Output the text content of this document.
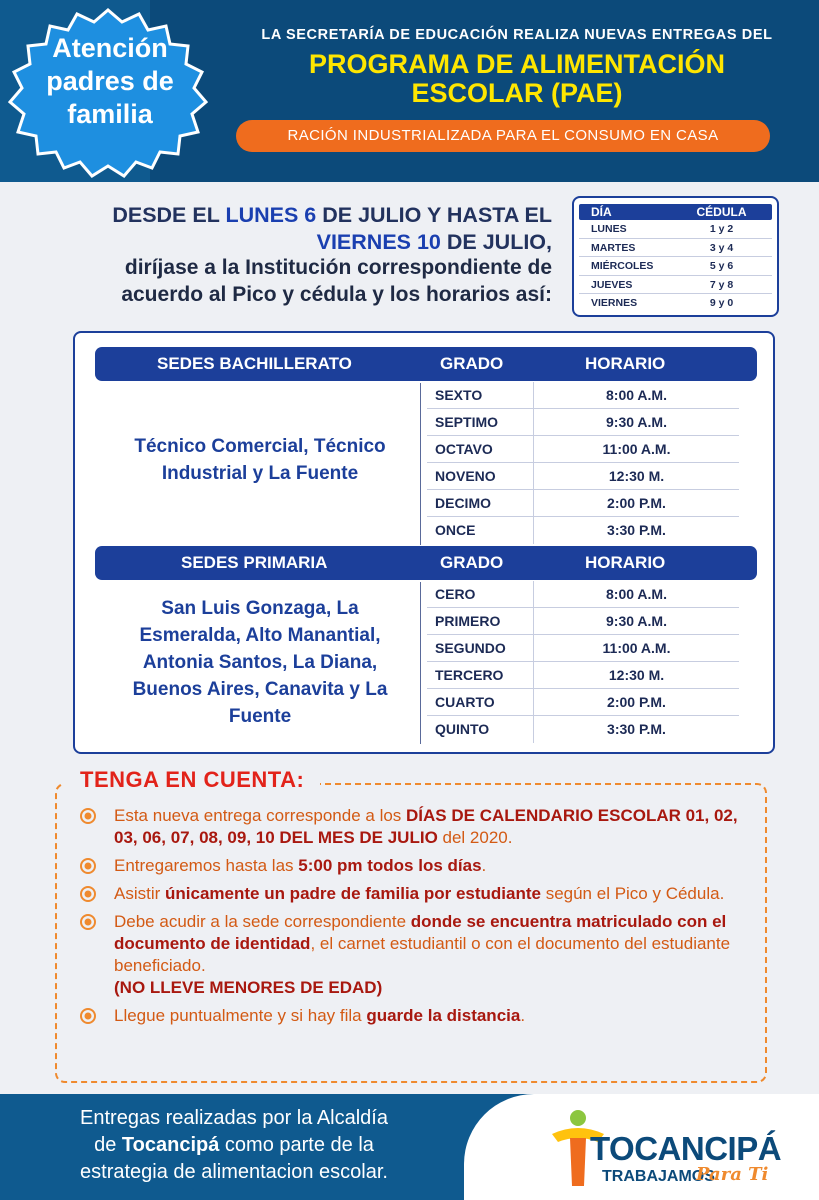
Atención
padres de
familia
LA SECRETARÍA DE EDUCACIÓN REALIZA NUEVAS ENTREGAS DEL
PROGRAMA DE ALIMENTACIÓN
ESCOLAR (PAE)
RACIÓN INDUSTRIALIZADA PARA EL CONSUMO EN CASA
DESDE EL LUNES 6 DE JULIO Y HASTA EL
VIERNES 10 DE JULIO,
diríjase a la Institución correspondiente de
acuerdo al Pico y cédula y los horarios así:
DÍA	CÉDULA
LUNES	1 y 2
MARTES	3 y 4
MIÉRCOLES	5 y 6
JUEVES	7 y 8
VIERNES	9 y 0
SEDES BACHILLERATO	GRADO	HORARIO
Técnico Comercial, Técnico
Industrial y La Fuente
SEXTO	8:00 A.M.
SEPTIMO	9:30 A.M.
OCTAVO	11:00 A.M.
NOVENO	12:30 M.
DECIMO	2:00 P.M.
ONCE	3:30 P.M.
SEDES PRIMARIA	GRADO	HORARIO
San Luis Gonzaga, La
Esmeralda, Alto Manantial,
Antonia Santos, La Diana,
Buenos Aires, Canavita y La
Fuente
CERO	8:00 A.M.
PRIMERO	9:30 A.M.
SEGUNDO	11:00 A.M.
TERCERO	12:30 M.
CUARTO	2:00 P.M.
QUINTO	3:30 P.M.
TENGA EN CUENTA:
Esta nueva entrega corresponde a los DÍAS DE CALENDARIO ESCOLAR 01, 02, 03, 06, 07, 08, 09, 10 DEL MES DE JULIO del 2020.
Entregaremos hasta las 5:00 pm todos los días.
Asistir únicamente un padre de familia por estudiante según el Pico y Cédula.
Debe acudir a la sede correspondiente donde se encuentra matriculado con el documento de identidad, el carnet estudiantil o con el documento del estudiante beneficiado.
(NO LLEVE MENORES DE EDAD)
Llegue puntualmente y si hay fila guarde la distancia.
Entregas realizadas por la Alcaldía
de Tocancipá como parte de la
estrategia de alimentacion escolar.
TOCANCIPÁ
TRABAJAMOS
Para Ti
